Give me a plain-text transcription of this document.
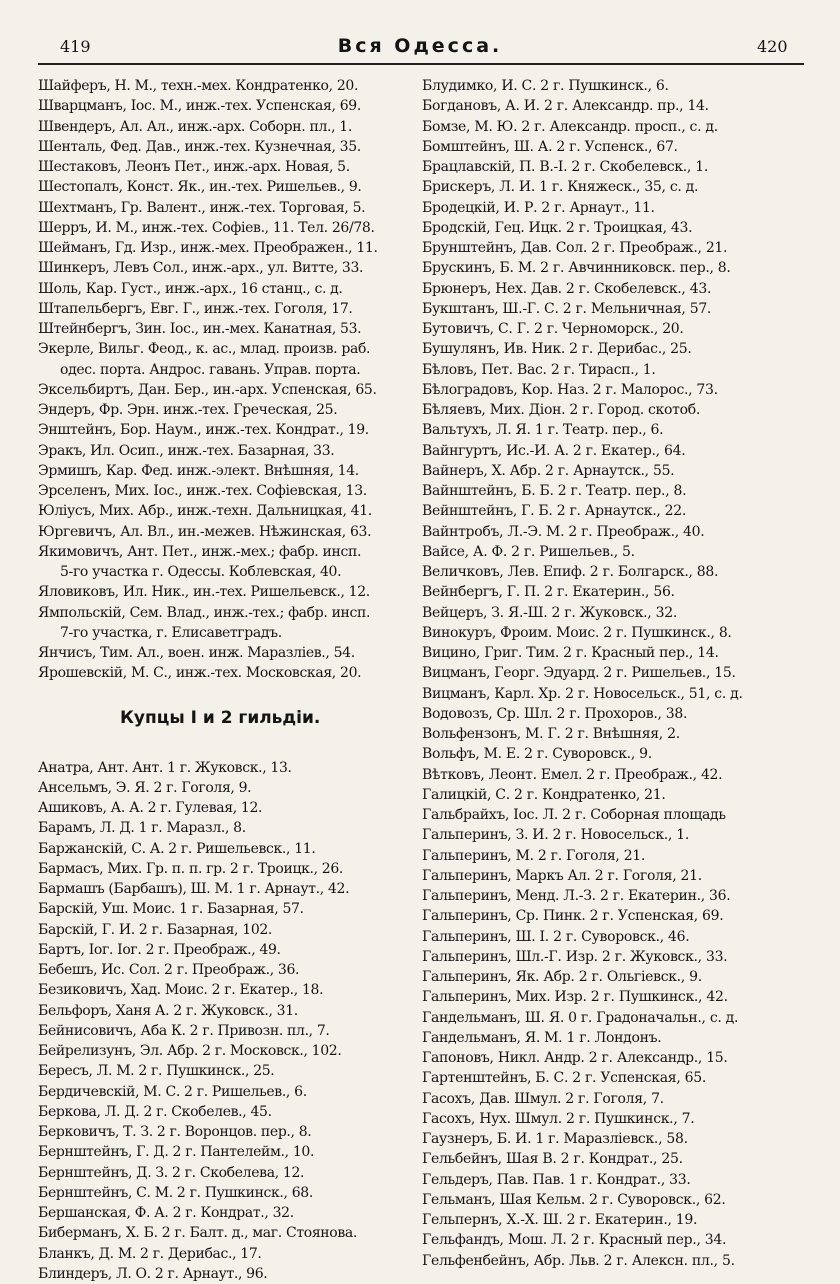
419	Вся Одесса.	420
Шайферъ, Н. М., техн.-мех. Кондратенко, 20.
Шварцманъ, Іос. М., инж.-тех. Успенская, 69.
Швендеръ, Ал. Ал., инж.-арх. Соборн. пл., 1.
Шенталь, Фед. Дав., инж.-тех. Кузнечная, 35.
Шестаковъ, Леонъ Пет., инж.-арх. Новая, 5.
Шестопалъ, Конст. Як., ин.-тех. Ришельев., 9.
Шехтманъ, Гр. Валент., инж.-тех. Торговая, 5.
Шерръ, И. М., инж.-тех. Софіев., 11. Тел. 26/78.
Шейманъ, Гд. Изр., инж.-мех. Преображен., 11.
Шинкеръ, Левъ Сол., инж.-арх., ул. Витте, 33.
Шоль, Кар. Густ., инж.-арх., 16 станц., с. д.
Штапельбергъ, Евг. Г., инж.-тех. Гоголя, 17.
Штейнбергъ, Зин. Іос., ин.-мех. Канатная, 53.
Экерле, Вильг. Феод., к. ас., млад. произв. раб.
одес. порта. Андрос. гавань. Управ. порта.
Эксельбиртъ, Дан. Бер., ин.-арх. Успенская, 65.
Эндеръ, Фр. Эрн. инж.-тех. Греческая, 25.
Энштейнъ, Бор. Наум., инж.-тех. Кондрат., 19.
Эракъ, Ил. Осип., инж.-тех. Базарная, 33.
Эрмишъ, Кар. Фед. инж.-элект. Внѣшняя, 14.
Эрселенъ, Мих. Іос., инж.-тех. Софіевская, 13.
Юліусъ, Мих. Абр., инж.-техн. Дальницкая, 41.
Юргевичъ, Ал. Вл., ин.-межев. Нѣжинская, 63.
Якимовичъ, Ант. Пет., инж.-мех.; фабр. инсп.
5-го участка г. Одессы. Коблевская, 40.
Яловиковъ, Ил. Ник., ин.-тех. Ришельевск., 12.
Ямпольскій, Сем. Влад., инж.-тех.; фабр. инсп.
7-го участка, г. Елисаветградъ.
Янчисъ, Тим. Ал., воен. инж. Маразліев., 54.
Ярошевскій, М. С., инж.-тех. Московская, 20.
Купцы I и 2 гильдіи.
Анатра, Ант. Ант. 1 г. Жуковск., 13.
Ансельмъ, Э. Я. 2 г. Гоголя, 9.
Ашиковъ, А. А. 2 г. Гулевая, 12.
Барамъ, Л. Д. 1 г. Маразл., 8.
Баржанскій, С. А. 2 г. Ришельевск., 11.
Бармасъ, Мих. Гр. п. п. гр. 2 г. Троицк., 26.
Бармашъ (Барбашъ), Ш. М. 1 г. Арнаут., 42.
Барскій, Уш. Моис. 1 г. Базарная, 57.
Барскій, Г. И. 2 г. Базарная, 102.
Бартъ, Іог. Іог. 2 г. Преображ., 49.
Бебешъ, Ис. Сол. 2 г. Преображ., 36.
Безиковичъ, Хад. Моис. 2 г. Екатер., 18.
Бельфоръ, Ханя А. 2 г. Жуковск., 31.
Бейнисовичъ, Аба К. 2 г. Привозн. пл., 7.
Бейрелизунъ, Эл. Абр. 2 г. Московск., 102.
Бересъ, Л. М. 2 г. Пушкинск., 25.
Бердичевскій, М. С. 2 г. Ришельев., 6.
Беркова, Л. Д. 2 г. Скобелев., 45.
Берковичъ, Т. З. 2 г. Воронцов. пер., 8.
Бернштейнъ, Г. Д. 2 г. Пантелейм., 10.
Бернштейнъ, Д. З. 2 г. Скобелева, 12.
Бернштейнъ, С. М. 2 г. Пушкинск., 68.
Бершанская, Ф. А. 2 г. Кондрат., 32.
Биберманъ, Х. Б. 2 г. Балт. д., маг. Стоянова.
Бланкъ, Д. М. 2 г. Дерибас., 17.
Блиндеръ, Л. О. 2 г. Арнаут., 96.
Блудимко, И. С. 2 г. Пушкинск., 6.
Богдановъ, А. И. 2 г. Александр. пр., 14.
Бомзе, М. Ю. 2 г. Александр. просп., с. д.
Бомштейнъ, Ш. А. 2 г. Успенск., 67.
Брацлавскій, П. В.-І. 2 г. Скобелевск., 1.
Брискеръ, Л. И. 1 г. Княжеск., 35, с. д.
Бродецкій, И. Р. 2 г. Арнаут., 11.
Бродскій, Гец. Ицк. 2 г. Троицкая, 43.
Брунштейнъ, Дав. Сол. 2 г. Преображ., 21.
Брускинъ, Б. М. 2 г. Авчинниковск. пер., 8.
Брюнеръ, Нех. Дав. 2 г. Скобелевск., 43.
Букштанъ, Ш.-Г. С. 2 г. Мельничная, 57.
Бутовичъ, С. Г. 2 г. Черноморск., 20.
Бушулянъ, Ив. Ник. 2 г. Дерибас., 25.
Бѣловъ, Пет. Вас. 2 г. Тирасп., 1.
Бѣлоградовъ, Кор. Наз. 2 г. Малорос., 73.
Бѣляевъ, Мих. Діон. 2 г. Город. скотоб.
Вальтухъ, Л. Я. 1 г. Театр. пер., 6.
Вайнгуртъ, Ис.-И. А. 2 г. Екатер., 64.
Вайнеръ, Х. Абр. 2 г. Арнаутск., 55.
Вайнштейнъ, Б. Б. 2 г. Театр. пер., 8.
Вейнштейнъ, Г. Б. 2 г. Арнаутск., 22.
Вайнтробъ, Л.-Э. М. 2 г. Преображ., 40.
Вайсе, А. Ф. 2 г. Ришельев., 5.
Величковъ, Лев. Епиф. 2 г. Болгарск., 88.
Вейнбергъ, Г. П. 2 г. Екатерин., 56.
Вейцеръ, З. Я.-Ш. 2 г. Жуковск., 32.
Винокуръ, Фроим. Моис. 2 г. Пушкинск., 8.
Вицино, Григ. Тим. 2 г. Красный пер., 14.
Вицманъ, Георг. Эдуард. 2 г. Ришельев., 15.
Вицманъ, Карл. Хр. 2 г. Новосельск., 51, с. д.
Водовозъ, Ср. Шл. 2 г. Прохоров., 38.
Вольфензонъ, М. Г. 2 г. Внѣшняя, 2.
Вольфъ, М. Е. 2 г. Суворовск., 9.
Вѣтковъ, Леонт. Емел. 2 г. Преображ., 42.
Галицкій, С. 2 г. Кондратенко, 21.
Гальбрайхъ, Іос. Л. 2 г. Соборная площадь
Гальперинъ, З. И. 2 г. Новосельск., 1.
Гальперинъ, М. 2 г. Гоголя, 21.
Гальперинъ, Маркъ Ал. 2 г. Гоголя, 21.
Гальперинъ, Менд. Л.-З. 2 г. Екатерин., 36.
Гальперинъ, Ср. Пинк. 2 г. Успенская, 69.
Гальперинъ, Ш. І. 2 г. Суворовск., 46.
Гальперинъ, Шл.-Г. Изр. 2 г. Жуковск., 33.
Гальперинъ, Як. Абр. 2 г. Ольгіевск., 9.
Гальперинъ, Мих. Изр. 2 г. Пушкинск., 42.
Гандельманъ, Ш. Я. 0 г. Градоначальн., с. д.
Гандельманъ, Я. М. 1 г. Лондонъ.
Гапоновъ, Никл. Андр. 2 г. Александр., 15.
Гартенштейнъ, Б. С. 2 г. Успенская, 65.
Гасохъ, Дав. Шмул. 2 г. Гоголя, 7.
Гасохъ, Нух. Шмул. 2 г. Пушкинск., 7.
Гаузнеръ, Б. И. 1 г. Маразліевск., 58.
Гельбейнъ, Шая В. 2 г. Кондрат., 25.
Гельдеръ, Пав. Пав. 1 г. Кондрат., 33.
Гельманъ, Шая Кельм. 2 г. Суворовск., 62.
Гельпернъ, Х.-Х. Ш. 2 г. Екатерин., 19.
Гельфандъ, Мош. Л. 2 г. Красный пер., 34.
Гельфенбейнъ, Абр. Льв. 2 г. Алексн. пл., 5.
